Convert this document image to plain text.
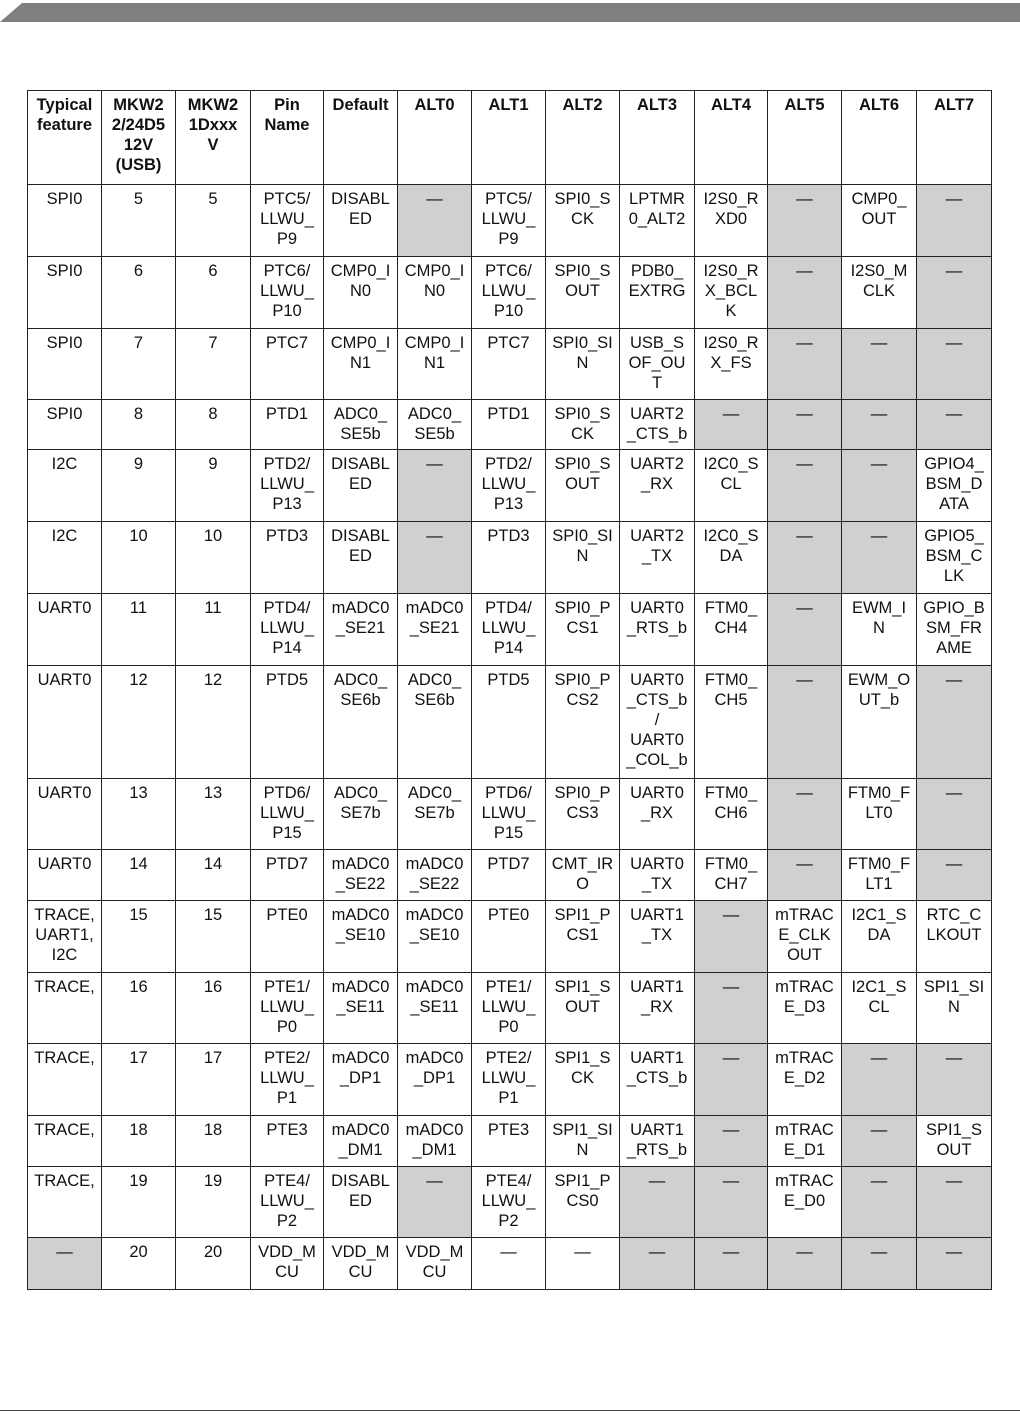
Typical
feature	MKW2
2/24D5
12V
(USB)	MKW2
1Dxxx
V	Pin
Name	Default	ALT0	ALT1	ALT2	ALT3	ALT4	ALT5	ALT6	ALT7
SPI0	5	5	PTC5/
LLWU_
P9	DISABL
ED	—	PTC5/
LLWU_
P9	SPI0_S
CK	LPTMR
0_ALT2	I2S0_R
XD0	—	CMP0_
OUT	—
SPI0	6	6	PTC6/
LLWU_
P10	CMP0_I
N0	CMP0_I
N0	PTC6/
LLWU_
P10	SPI0_S
OUT	PDB0_
EXTRG	I2S0_R
X_BCL
K	—	I2S0_M
CLK	—
SPI0	7	7	PTC7	CMP0_I
N1	CMP0_I
N1	PTC7	SPI0_SI
N	USB_S
OF_OU
T	I2S0_R
X_FS	—	—	—
SPI0	8	8	PTD1	ADC0_
SE5b	ADC0_
SE5b	PTD1	SPI0_S
CK	UART2
_CTS_b	—	—	—	—
I2C	9	9	PTD2/
LLWU_
P13	DISABL
ED	—	PTD2/
LLWU_
P13	SPI0_S
OUT	UART2
_RX	I2C0_S
CL	—	—	GPIO4_
BSM_D
ATA
I2C	10	10	PTD3	DISABL
ED	—	PTD3	SPI0_SI
N	UART2
_TX	I2C0_S
DA	—	—	GPIO5_
BSM_C
LK
UART0	11	11	PTD4/
LLWU_
P14	mADC0
_SE21	mADC0
_SE21	PTD4/
LLWU_
P14	SPI0_P
CS1	UART0
_RTS_b	FTM0_
CH4	—	EWM_I
N	GPIO_B
SM_FR
AME
UART0	12	12	PTD5	ADC0_
SE6b	ADC0_
SE6b	PTD5	SPI0_P
CS2	UART0
_CTS_b
/
UART0
_COL_b	FTM0_
CH5	—	EWM_O
UT_b	—
UART0	13	13	PTD6/
LLWU_
P15	ADC0_
SE7b	ADC0_
SE7b	PTD6/
LLWU_
P15	SPI0_P
CS3	UART0
_RX	FTM0_
CH6	—	FTM0_F
LT0	—
UART0	14	14	PTD7	mADC0
_SE22	mADC0
_SE22	PTD7	CMT_IR
O	UART0
_TX	FTM0_
CH7	—	FTM0_F
LT1	—
TRACE,
UART1,
I2C	15	15	PTE0	mADC0
_SE10	mADC0
_SE10	PTE0	SPI1_P
CS1	UART1
_TX	—	mTRAC
E_CLK
OUT	I2C1_S
DA	RTC_C
LKOUT
TRACE,	16	16	PTE1/
LLWU_
P0	mADC0
_SE11	mADC0
_SE11	PTE1/
LLWU_
P0	SPI1_S
OUT	UART1
_RX	—	mTRAC
E_D3	I2C1_S
CL	SPI1_SI
N
TRACE,	17	17	PTE2/
LLWU_
P1	mADC0
_DP1	mADC0
_DP1	PTE2/
LLWU_
P1	SPI1_S
CK	UART1
_CTS_b	—	mTRAC
E_D2	—	—
TRACE,	18	18	PTE3	mADC0
_DM1	mADC0
_DM1	PTE3	SPI1_SI
N	UART1
_RTS_b	—	mTRAC
E_D1	—	SPI1_S
OUT
TRACE,	19	19	PTE4/
LLWU_
P2	DISABL
ED	—	PTE4/
LLWU_
P2	SPI1_P
CS0	—	—	mTRAC
E_D0	—	—
—	20	20	VDD_M
CU	VDD_M
CU	VDD_M
CU	—	—	—	—	—	—	—
